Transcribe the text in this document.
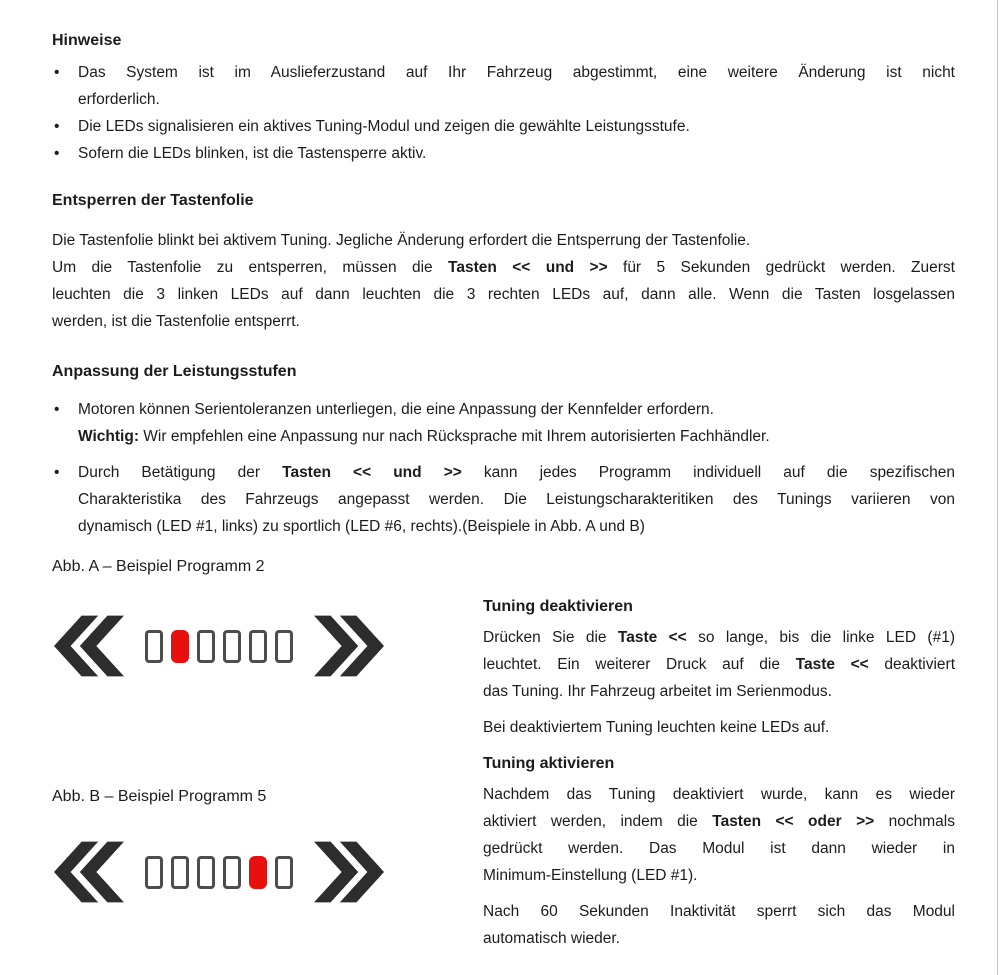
Hinweise
• Das System ist im Auslieferzustand auf Ihr Fahrzeug abgestimmt, eine weitere Änderung ist nicht
erforderlich.
• Die LEDs signalisieren ein aktives Tuning-Modul und zeigen die gewählte Leistungsstufe.
• Sofern die LEDs blinken, ist die Tastensperre aktiv.
Entsperren der Tastenfolie

Die Tastenfolie blinkt bei aktivem Tuning. Jegliche Änderung erfordert die Entsperrung der Tastenfolie.

Um die Tastenfolie zu entsperren, müssen die Tasten << und >> für 5 Sekunden gedrückt werden. Zuerst
leuchten die 3 linken LEDs auf dann leuchten die 3 rechten LEDs auf, dann alle. Wenn die Tasten losgelassen
werden, ist die Tastenfolie entsperrt.

Anpassung der Leistungsstufen
• Motoren können Serientoleranzen unterliegen, die eine Anpassung der Kennfelder erfordern.
Wichtig: Wir empfehlen eine Anpassung nur nach Rücksprache mit Ihrem autorisierten Fachhändler.
• Durch Betätigung der Tasten << und >> kann jedes Programm individuell auf die spezifischen
Charakteristika des Fahrzeugs angepasst werden. Die Leistungscharakteritiken des Tunings variieren von
dynamisch (LED #1, links) zu sportlich (LED #6, rechts).(Beispiele in Abb. A und B)
Abb. A – Beispiel Programm 2
Abb. B – Beispiel Programm 5
Tuning deaktivieren

Drücken Sie die Taste << so lange, bis die linke LED (#1)
leuchtet. Ein weiterer Druck auf die Taste << deaktiviert
das Tuning. Ihr Fahrzeug arbeitet im Serienmodus.

Bei deaktiviertem Tuning leuchten keine LEDs auf.

Tuning aktivieren

Nachdem das Tuning deaktiviert wurde, kann es wieder
aktiviert werden, indem die Tasten << oder >> nochmals
gedrückt werden. Das Modul ist dann wieder in
Minimum-Einstellung (LED #1).

Nach 60 Sekunden Inaktivität sperrt sich das Modul
automatisch wieder.
